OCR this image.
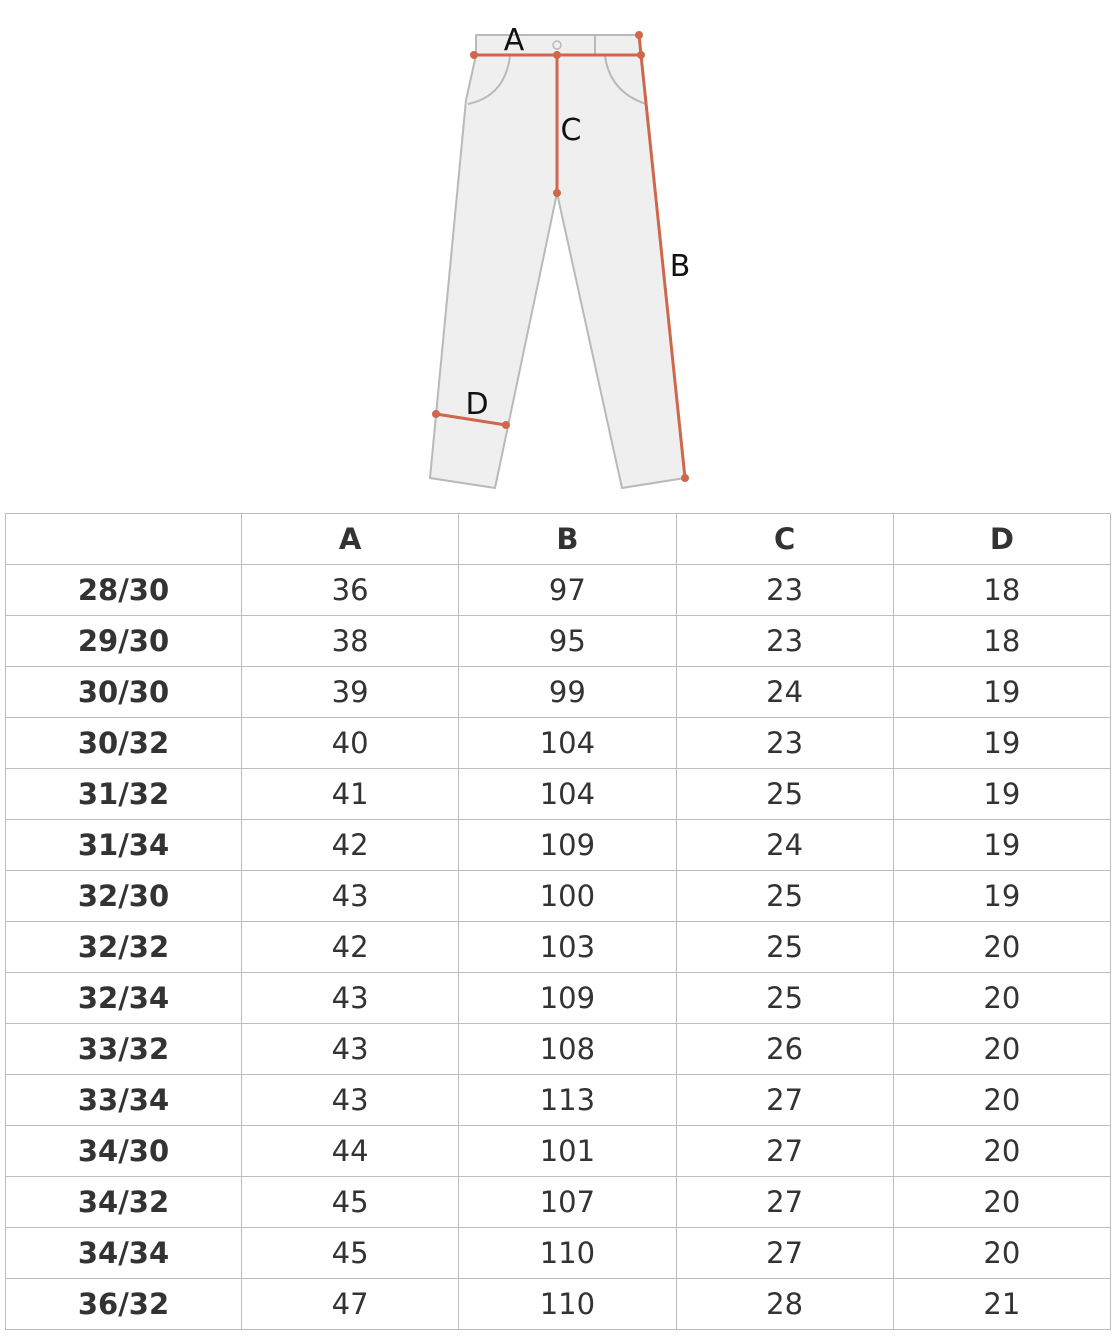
A
C
B
D
	A	B	C	D
28/30	36	97	23	18
29/30	38	95	23	18
30/30	39	99	24	19
30/32	40	104	23	19
31/32	41	104	25	19
31/34	42	109	24	19
32/30	43	100	25	19
32/32	42	103	25	20
32/34	43	109	25	20
33/32	43	108	26	20
33/34	43	113	27	20
34/30	44	101	27	20
34/32	45	107	27	20
34/34	45	110	27	20
36/32	47	110	28	21
